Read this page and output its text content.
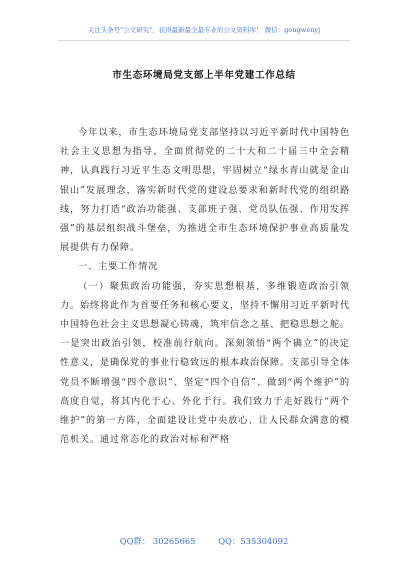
关注头条号"公文研究"，获得最新最全最专业的公文资料库！ 微信：gongwenyj
市生态环境局党支部上半年党建工作总结

今年以来，市生态环境局党支部坚持以习近平新时代中国特色社会主义思想为指导，全面贯彻党的二十大和二十届三中全会精神，认真践行习近平生态文明思想，牢固树立“绿水青山就是金山银山”发展理念，落实新时代党的建设总要求和新时代党的组织路线，努力打造“政治功能强、支部班子强、党员队伍强、作用发挥强”的基层组织战斗堡垒，为推进全市生态环境保护事业高质量发展提供有力保障。

一、主要工作情况

（一）聚焦政治功能强，夯实思想根基，多维锻造政治引领力。始终将此作为首要任务和核心要义，坚持不懈用习近平新时代中国特色社会主义思想凝心铸魂，筑牢信念之基、把稳思想之舵。一是突出政治引领，校准前行航向。深刻领悟“两个确立”的决定性意义，是确保党的事业行稳致远的根本政治保障。支部引导全体党员不断增强“四个意识”、坚定“四个自信”、做到“两个维护”的高度自觉，将其内化于心、外化于行。我们致力于走好践行“两个维护”的第一方阵，全面建设让党中央放心、让人民群众满意的模范机关。通过常态化的政治对标和严格

QQ群： 30265665	QQ：535304092
